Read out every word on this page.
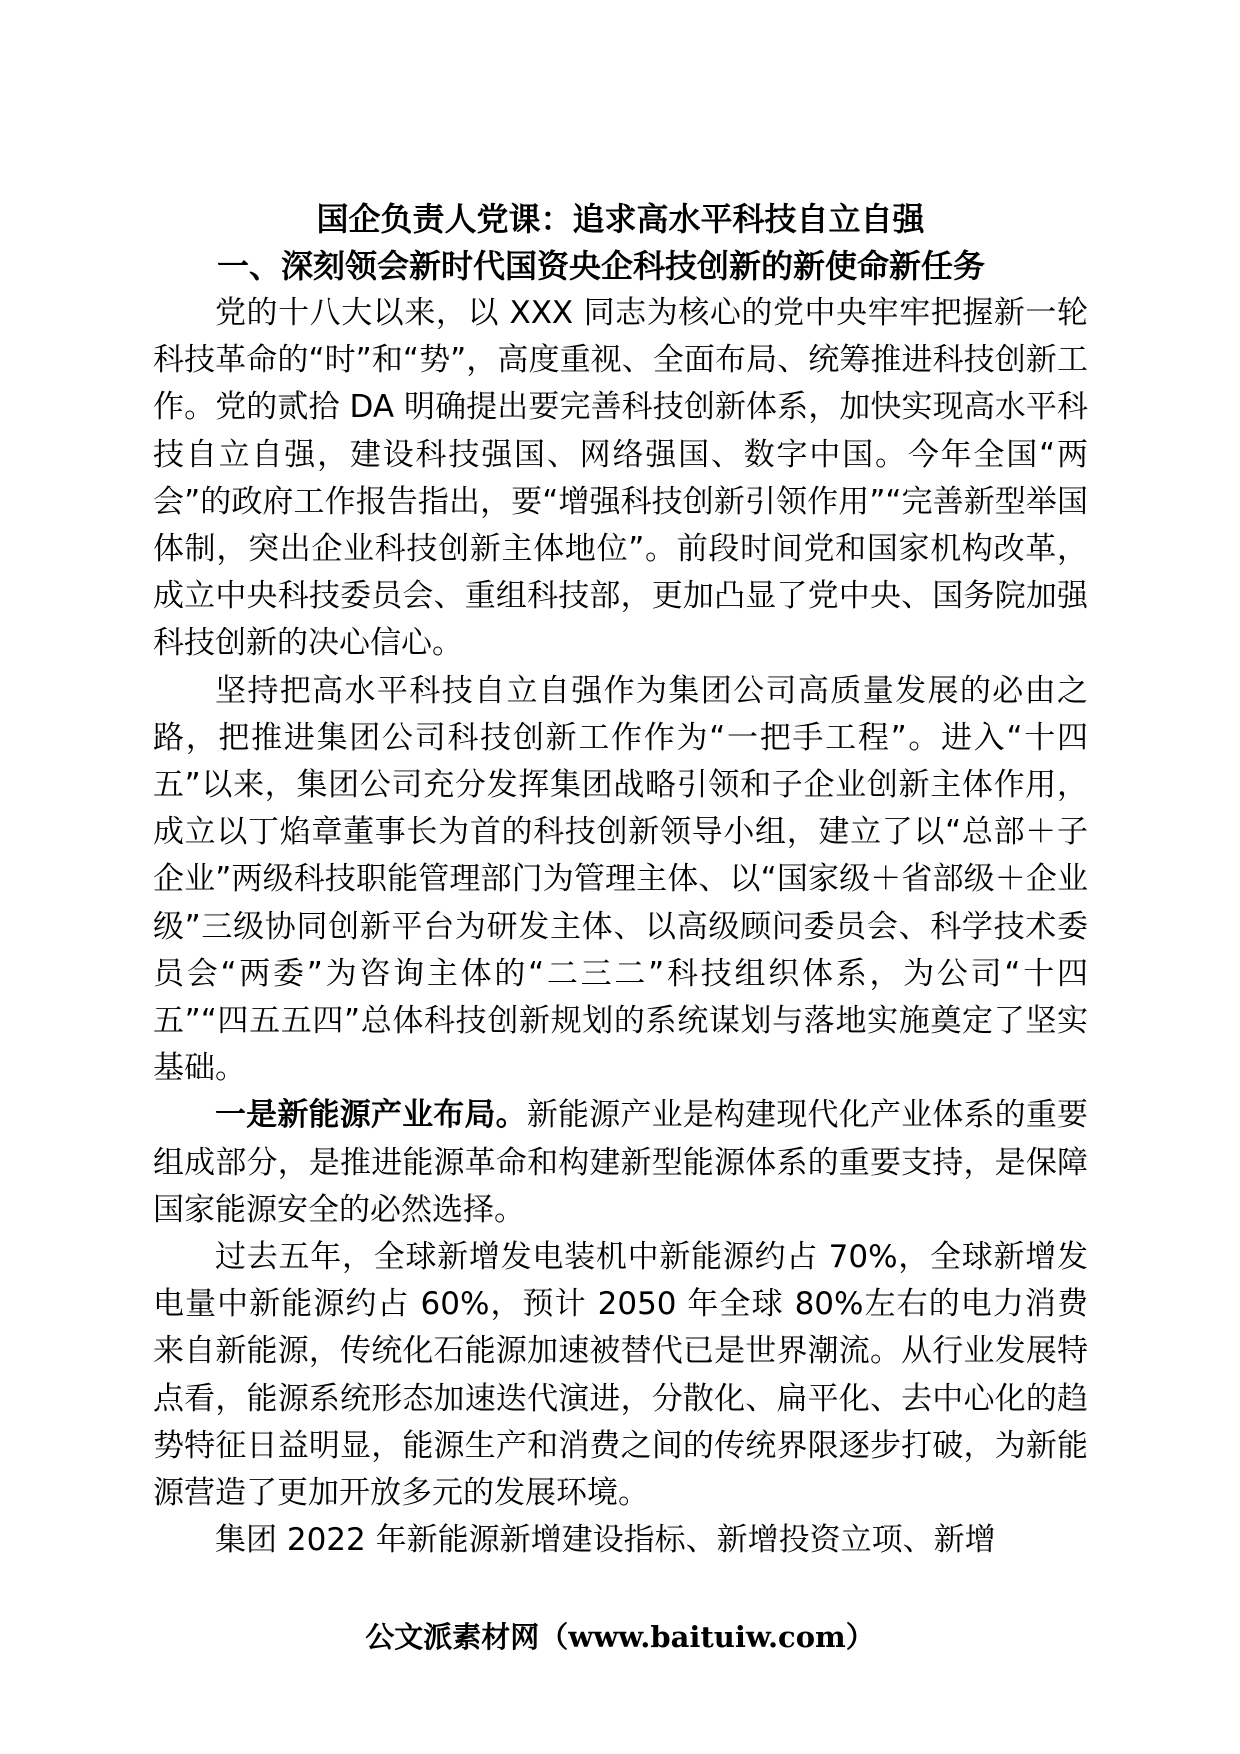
国企负责人党课：追求高水平科技自立自强
一、深刻领会新时代国资央企科技创新的新使命新任务

党的十八大以来，以 XXX 同志为核心的党中央牢牢把握新一轮科技革命的“时”和“势”，高度重视、全面布局、统筹推进科技创新工作。党的贰拾 DA 明确提出要完善科技创新体系，加快实现高水平科技自立自强，建设科技强国、网络强国、数字中国。今年全国“两会”的政府工作报告指出，要“增强科技创新引领作用”“完善新型举国体制，突出企业科技创新主体地位”。前段时间党和国家机构改革，成立中央科技委员会、重组科技部，更加凸显了党中央、国务院加强科技创新的决心信心。

坚持把高水平科技自立自强作为集团公司高质量发展的必由之路，把推进集团公司科技创新工作作为“一把手工程”。进入“十四五”以来，集团公司充分发挥集团战略引领和子企业创新主体作用，成立以丁焰章董事长为首的科技创新领导小组，建立了以“总部＋子企业”两级科技职能管理部门为管理主体、以“国家级＋省部级＋企业级”三级协同创新平台为研发主体、以高级顾问委员会、科学技术委员会“两委”为咨询主体的“二三二”科技组织体系，为公司“十四五”“四五五四”总体科技创新规划的系统谋划与落地实施奠定了坚实基础。

一是新能源产业布局。新能源产业是构建现代化产业体系的重要组成部分，是推进能源革命和构建新型能源体系的重要支持，是保障国家能源安全的必然选择。

过去五年，全球新增发电装机中新能源约占 70%，全球新增发电量中新能源约占 60%，预计 2050 年全球 80%左右的电力消费来自新能源，传统化石能源加速被替代已是世界潮流。从行业发展特点看，能源系统形态加速迭代演进，分散化、扁平化、去中心化的趋势特征日益明显，能源生产和消费之间的传统界限逐步打破，为新能源营造了更加开放多元的发展环境。

集团 2022 年新能源新增建设指标、新增投资立项、新增

公文派素材网（www.baituiw.com）
